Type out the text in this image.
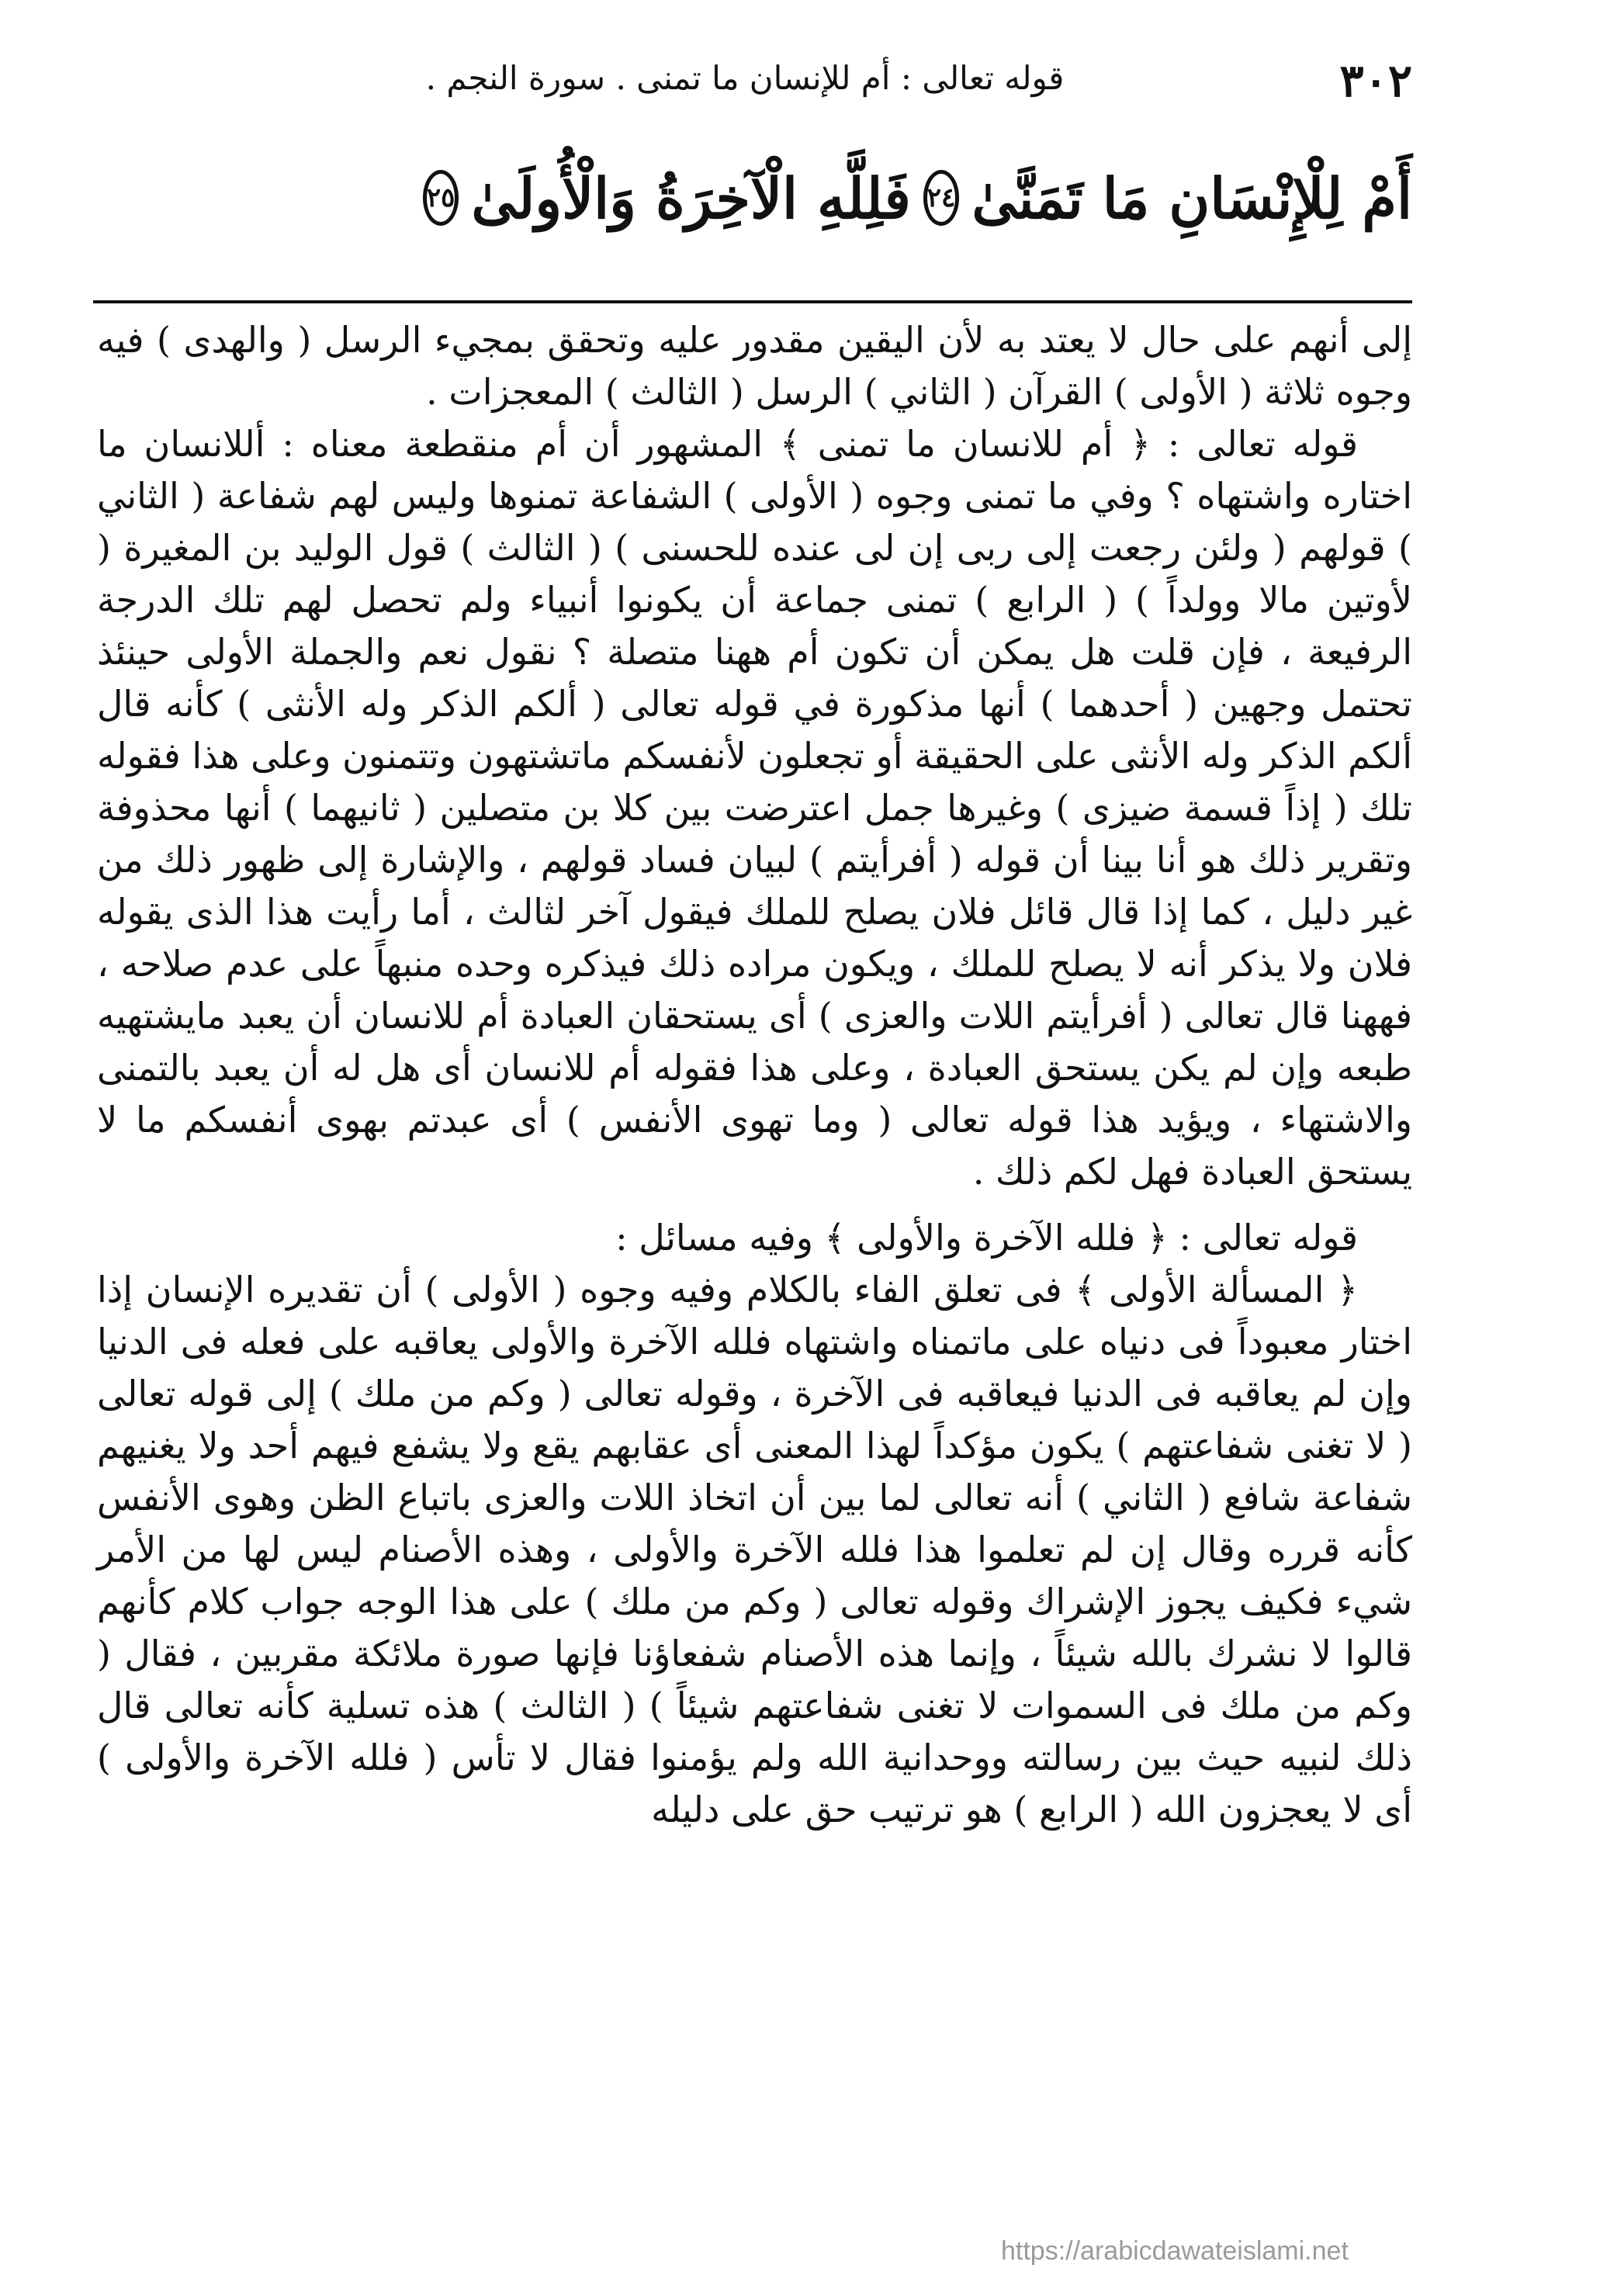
٣٠٢
قوله تعالى : أم للإنسان ما تمنى . سورة النجم .
أَمْ لِلْإِنْسَانِ مَا تَمَنَّىٰ
٢٤
فَلِلَّهِ الْآخِرَةُ وَالْأُولَىٰ
٢٥

إلى أنهم على حال لا يعتد به لأن اليقين مقدور عليه وتحقق بمجيء الرسل ( والهدى ) فيه وجوه ثلاثة ( الأولى ) القرآن ( الثاني ) الرسل ( الثالث ) المعجزات .

قوله تعالى : ﴿ أم للانسان ما تمنى ﴾ المشهور أن أم منقطعة معناه : أللانسان ما اختاره واشتهاه ؟ وفي ما تمنى وجوه ( الأولى ) الشفاعة تمنوها وليس لهم شفاعة ( الثاني ) قولهم ( ولئن رجعت إلى ربى إن لى عنده للحسنى ) ( الثالث ) قول الوليد بن المغيرة ( لأوتين مالا وولداً ) ( الرابع ) تمنى جماعة أن يكونوا أنبياء ولم تحصل لهم تلك الدرجة الرفيعة ، فإن قلت هل يمكن أن تكون أم ههنا متصلة ؟ نقول نعم والجملة الأولى حينئذ تحتمل وجهين ( أحدهما ) أنها مذكورة في قوله تعالى ( ألكم الذكر وله الأنثى ) كأنه قال ألكم الذكر وله الأنثى على الحقيقة أو تجعلون لأنفسكم ماتشتهون وتتمنون وعلى هذا فقوله تلك ( إذاً قسمة ضيزى ) وغيرها جمل اعترضت بين كلا بن متصلين ( ثانيهما ) أنها محذوفة وتقرير ذلك هو أنا بينا أن قوله ( أفرأيتم ) لبيان فساد قولهم ، والإشارة إلى ظهور ذلك من غير دليل ، كما إذا قال قائل فلان يصلح للملك فيقول آخر لثالث ، أما رأيت هذا الذى يقوله فلان ولا يذكر أنه لا يصلح للملك ، ويكون مراده ذلك فيذكره وحده منبهاً على عدم صلاحه ، فههنا قال تعالى ( أفرأيتم اللات والعزى ) أى يستحقان العبادة أم للانسان أن يعبد مايشتهيه طبعه وإن لم يكن يستحق العبادة ، وعلى هذا فقوله أم للانسان أى هل له أن يعبد بالتمنى والاشتهاء ، ويؤيد هذا قوله تعالى ( وما تهوى الأنفس ) أى عبدتم بهوى أنفسكم ما لا يستحق العبادة فهل لكم ذلك .

قوله تعالى : ﴿ فلله الآخرة والأولى ﴾ وفيه مسائل :

﴿ المسألة الأولى ﴾ فى تعلق الفاء بالكلام وفيه وجوه ( الأولى ) أن تقديره الإنسان إذا اختار معبوداً فى دنياه على ماتمناه واشتهاه فلله الآخرة والأولى يعاقبه على فعله فى الدنيا وإن لم يعاقبه فى الدنيا فيعاقبه فى الآخرة ، وقوله تعالى ( وكم من ملك ) إلى قوله تعالى ( لا تغنى شفاعتهم ) يكون مؤكداً لهذا المعنى أى عقابهم يقع ولا يشفع فيهم أحد ولا يغنيهم شفاعة شافع ( الثاني ) أنه تعالى لما بين أن اتخاذ اللات والعزى باتباع الظن وهوى الأنفس كأنه قرره وقال إن لم تعلموا هذا فلله الآخرة والأولى ، وهذه الأصنام ليس لها من الأمر شيء فكيف يجوز الإشراك وقوله تعالى ( وكم من ملك ) على هذا الوجه جواب كلام كأنهم قالوا لا نشرك بالله شيئاً ، وإنما هذه الأصنام شفعاؤنا فإنها صورة ملائكة مقربين ، فقال ( وكم من ملك فى السموات لا تغنى شفاعتهم شيئاً ) ( الثالث ) هذه تسلية كأنه تعالى قال ذلك لنبيه حيث بين رسالته ووحدانية الله ولم يؤمنوا فقال لا تأس ( فلله الآخرة والأولى ) أى لا يعجزون الله ( الرابع ) هو ترتيب حق على دليله

https://arabicdawateislami.net
